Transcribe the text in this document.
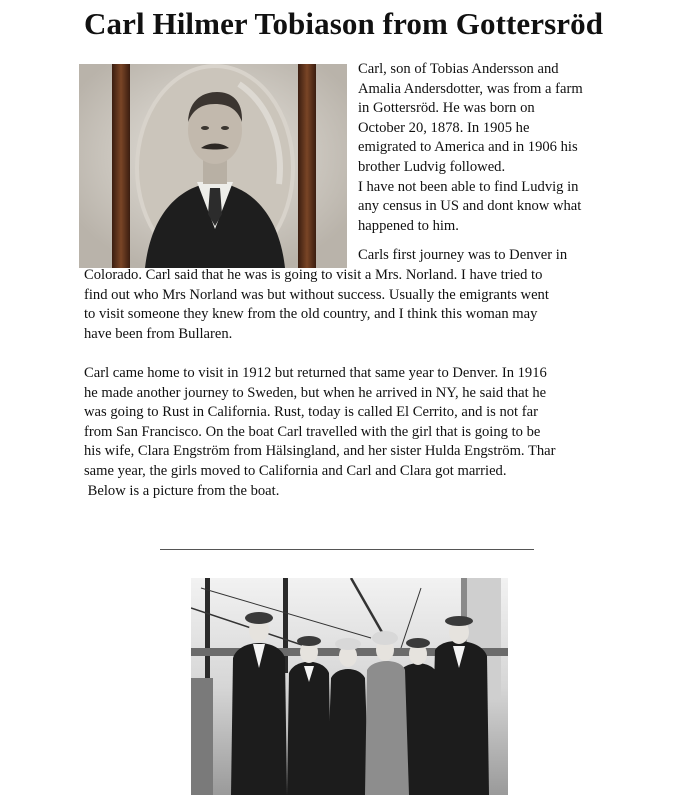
Carl Hilmer Tobiason from Gottersröd
Carl, son of Tobias Andersson and
Amalia Andersdotter, was from a farm
in Gottersröd. He was born on
October 20, 1878. In 1905 he
emigrated to America and in 1906 his
brother Ludvig followed.
I have not been able to find Ludvig in
any census in US and dont know what
happened to him.
Carls first journey was to Denver in
Colorado. Carl said that he was is going to visit a Mrs. Norland. I have tried to
find out who Mrs Norland was but without success. Usually the emigrants went
to visit someone they knew from the old country, and I think this woman may
have been from Bullaren.
Carl came home to visit in 1912 but returned that same year to Denver. In 1916
he made another journey to Sweden, but when he arrived in NY, he said that he
was going to Rust in California. Rust, today is called El Cerrito, and is not far
from San Francisco. On the boat Carl travelled with the girl that is going to be
his wife, Clara Engström from Hälsingland, and her sister Hulda Engström. Thar
same year, the girls moved to California and Carl and Clara got married.
Below is a picture from the boat.
